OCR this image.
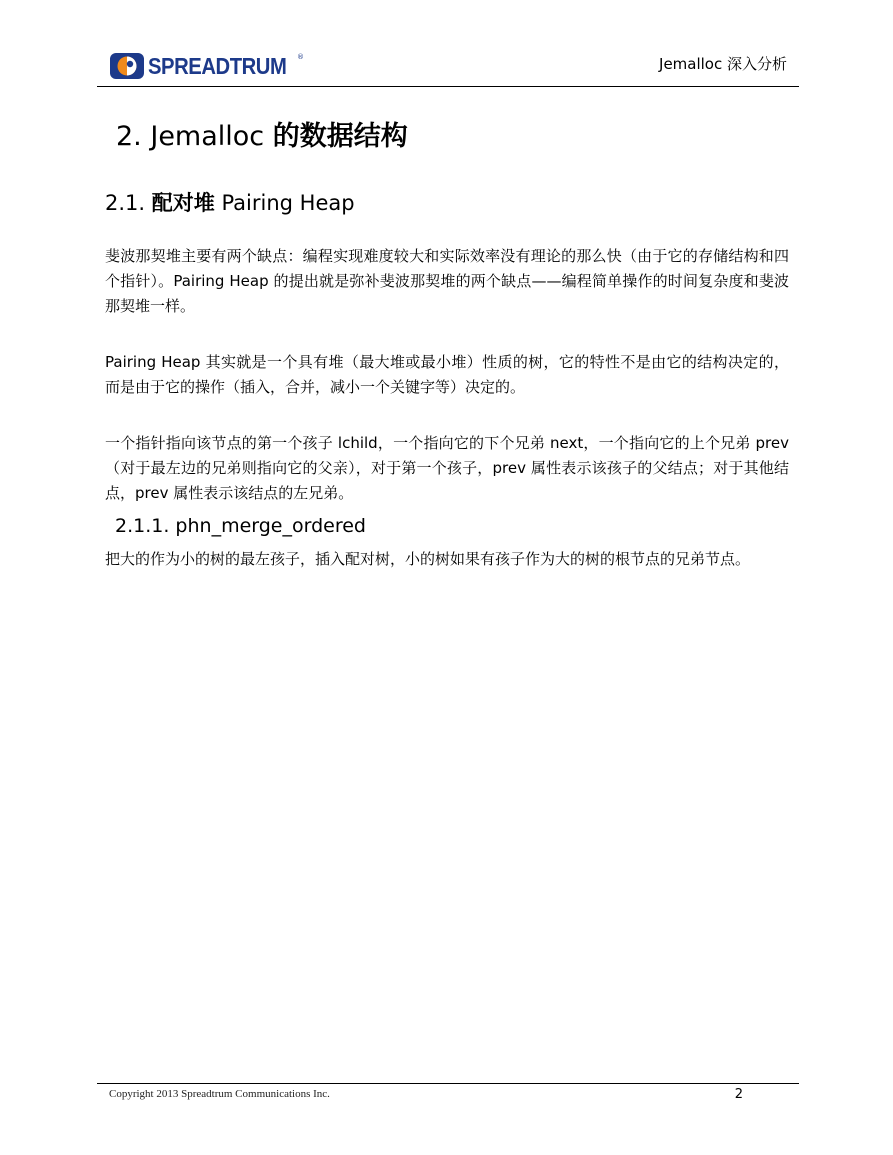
SPREADTRUM ®	Jemalloc 深入分析
2. Jemalloc 的数据结构
2.1. 配对堆 Pairing Heap

斐波那契堆主要有两个缺点：编程实现难度较大和实际效率没有理论的那么快（由于它的存储结构和四个指针）。Pairing Heap 的提出就是弥补斐波那契堆的两个缺点——编程简单操作的时间复杂度和斐波那契堆一样。

Pairing Heap 其实就是一个具有堆（最大堆或最小堆）性质的树，它的特性不是由它的结构决定的，而是由于它的操作（插入，合并，减小一个关键字等）决定的。

一个指针指向该节点的第一个孩子 lchild，一个指向它的下个兄弟 next，一个指向它的上个兄弟 prev（对于最左边的兄弟则指向它的父亲），对于第一个孩子，prev 属性表示该孩子的父结点；对于其他结点，prev 属性表示该结点的左兄弟。

2.1.1. phn_merge_ordered

把大的作为小的树的最左孩子，插入配对树，小的树如果有孩子作为大的树的根节点的兄弟节点。

Copyright 2013 Spreadtrum Communications Inc.	2
